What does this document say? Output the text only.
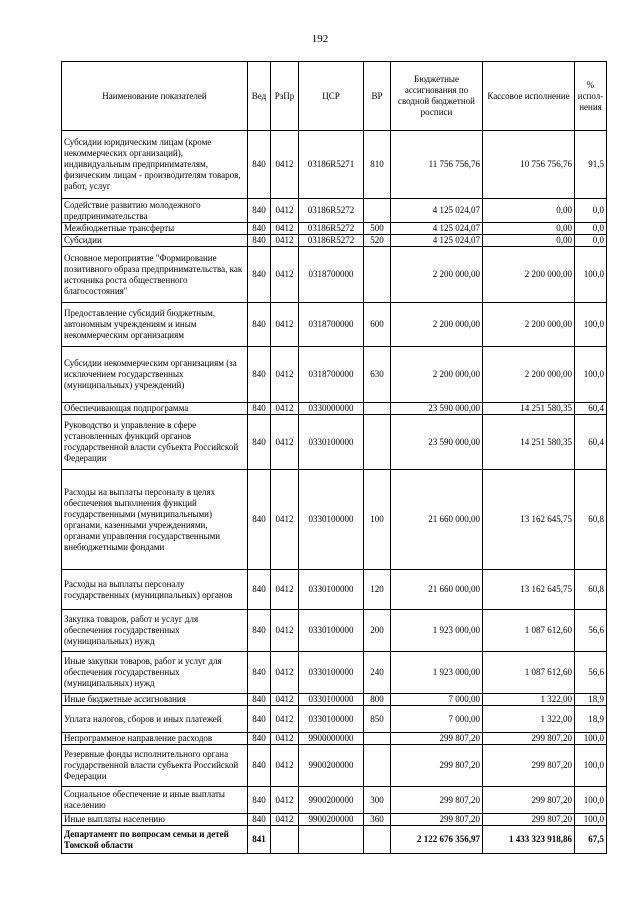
192
Наименование показателей	Вед	РзПр	ЦСР	ВР	Бюджетные ассигнования по сводной бюджетной росписи	Кассовое исполнение	% испол-нения
Субсидии юридическим лицам (кроме некоммерческих организаций), индивидуальным предпринимателям, физическим лицам - производителям товаров, работ, услуг	840	0412	03186R5271	810	11 756 756,76	10 756 756,76	91,5
Содействие развитию молодежного предпринимательства	840	0412	03186R5272		4 125 024,07	0,00	0,0
Межбюджетные трансферты	840	0412	03186R5272	500	4 125 024,07	0,00	0,0
Субсидии	840	0412	03186R5272	520	4 125 024,07	0,00	0,0
Основное мероприятие "Формирование позитивного образа предпринимательства, как источника роста общественного благосостояния"	840	0412	0318700000		2 200 000,00	2 200 000,00	100,0
Предоставление субсидий бюджетным, автономным учреждениям и иным некоммерческим организациям	840	0412	0318700000	600	2 200 000,00	2 200 000,00	100,0
Субсидии некоммерческим организациям (за исключением государственных (муниципальных) учреждений)	840	0412	0318700000	630	2 200 000,00	2 200 000,00	100,0
Обеспечивающая подпрограмма	840	0412	0330000000		23 590 000,00	14 251 580,35	60,4
Руководство и управление в сфере установленных функций органов государственной власти субъекта Российской Федерации	840	0412	0330100000		23 590 000,00	14 251 580,35	60,4
Расходы на выплаты персоналу в целях обеспечения выполнения функций государственными (муниципальными) органами, казенными учреждениями, органами управления государственными внебюджетными фондами	840	0412	0330100000	100	21 660 000,00	13 162 645,75	60,8
Расходы на выплаты персоналу государственных (муниципальных) органов	840	0412	0330100000	120	21 660 000,00	13 162 645,75	60,8
Закупка товаров, работ и услуг для обеспечения государственных (муниципальных) нужд	840	0412	0330100000	200	1 923 000,00	1 087 612,60	56,6
Иные закупки товаров, работ и услуг для обеспечения государственных (муниципальных) нужд	840	0412	0330100000	240	1 923 000,00	1 087 612,60	56,6
Иные бюджетные ассигнования	840	0412	0330100000	800	7 000,00	1 322,00	18,9
Уплата налогов, сборов и иных платежей	840	0412	0330100000	850	7 000,00	1 322,00	18,9
Непрограммное направление расходов	840	0412	9900000000		299 807,20	299 807,20	100,0
Резервные фонды исполнительного органа государственной власти субъекта Российской Федерации	840	0412	9900200000		299 807,20	299 807,20	100,0
Социальное обеспечение и иные выплаты населению	840	0412	9900200000	300	299 807,20	299 807,20	100,0
Иные выплаты населению	840	0412	9900200000	360	299 807,20	299 807,20	100,0
Департамент по вопросам семьи и детей Томской области	841				2 122 676 356,97	1 433 323 918,86	67,5
